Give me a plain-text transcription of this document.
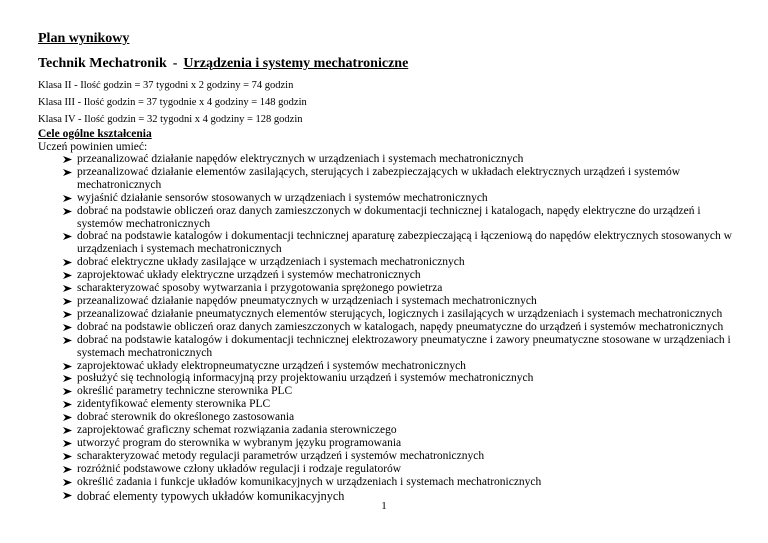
Plan wynikowy

Technik Mechatronik - Urządzenia i systemy mechatroniczne

Klasa II - Ilość godzin = 37 tygodni x 2 godziny = 74 godzin

Klasa III - Ilość godzin = 37 tygodnie x 4 godziny = 148 godzin

Klasa IV - Ilość godzin = 32 tygodni x 4 godziny = 128 godzin

Cele ogólne kształcenia

Uczeń powinien umieć:

przeanalizować działanie napędów elektrycznych w urządzeniach i systemach mechatronicznych
przeanalizować działanie elementów zasilających, sterujących i zabezpieczających w układach elektrycznych urządzeń i systemów mechatronicznych
wyjaśnić działanie sensorów stosowanych w urządzeniach i systemów mechatronicznych
dobrać na podstawie obliczeń oraz danych zamieszczonych w dokumentacji technicznej i katalogach, napędy elektryczne do urządzeń i systemów mechatronicznych
dobrać na podstawie katalogów i dokumentacji technicznej aparaturę zabezpieczającą i łączeniową do napędów elektrycznych stosowanych w urządzeniach i systemach mechatronicznych
dobrać elektryczne układy zasilające w urządzeniach i systemach mechatronicznych
zaprojektować układy elektryczne urządzeń i systemów mechatronicznych
scharakteryzować sposoby wytwarzania i przygotowania sprężonego powietrza
przeanalizować działanie napędów pneumatycznych w urządzeniach i systemach mechatronicznych
przeanalizować działanie pneumatycznych elementów sterujących, logicznych i zasilających w urządzeniach i systemach mechatronicznych
dobrać na podstawie obliczeń oraz danych zamieszczonych w katalogach, napędy pneumatyczne do urządzeń i systemów mechatronicznych
dobrać na podstawie katalogów i dokumentacji technicznej elektrozawory pneumatyczne i zawory pneumatyczne stosowane w urządzeniach i systemach mechatronicznych
zaprojektować układy elektropneumatyczne urządzeń i systemów mechatronicznych
posłużyć się technologią informacyjną przy projektowaniu urządzeń i systemów mechatronicznych
określić parametry techniczne sterownika PLC
zidentyfikować elementy sterownika PLC
dobrać sterownik do określonego zastosowania
zaprojektować graficzny schemat rozwiązania zadania sterowniczego
utworzyć program do sterownika w wybranym języku programowania
scharakteryzować metody regulacji parametrów urządzeń i systemów mechatronicznych
rozróżnić podstawowe człony układów regulacji i rodzaje regulatorów
określić zadania i funkcje układów komunikacyjnych w urządzeniach i systemach mechatronicznych
dobrać elementy typowych układów komunikacyjnych
1
